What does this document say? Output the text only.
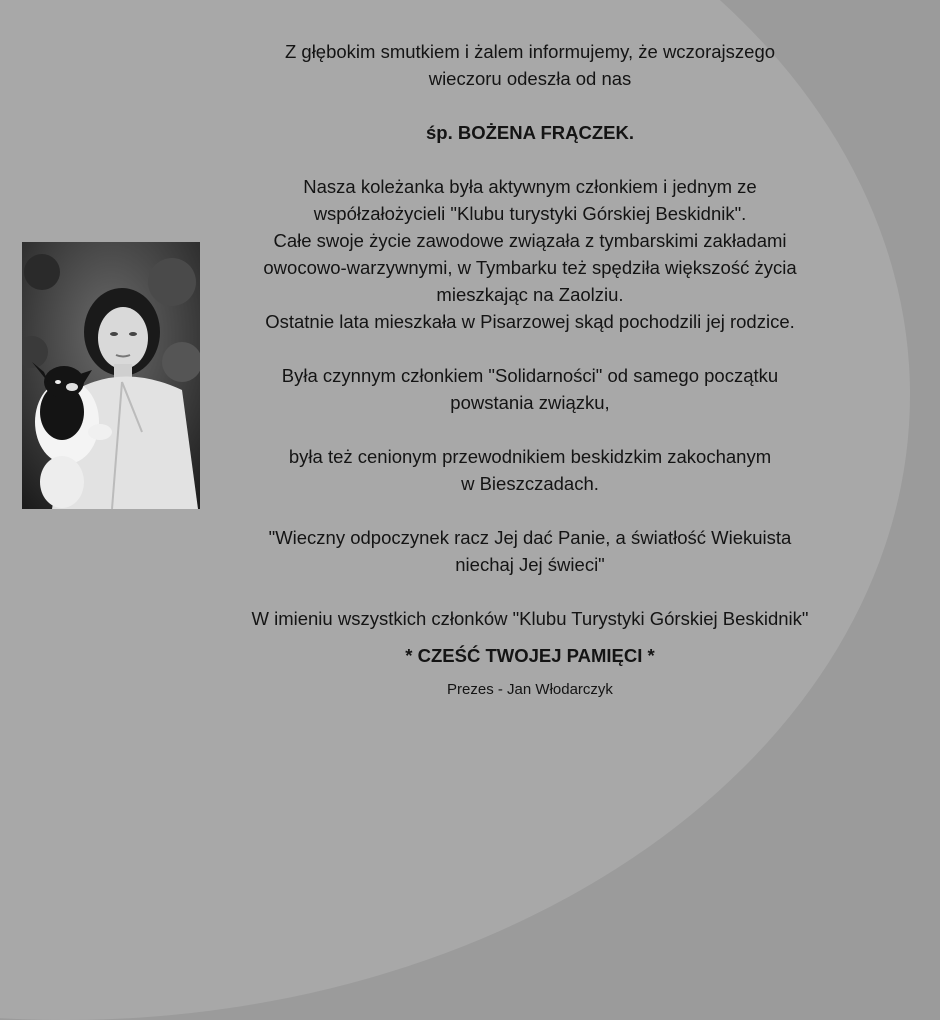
Z głębokim smutkiem i żalem informujemy, że wczorajszego
wieczoru odeszła od nas

śp. BOŻENA FRĄCZEK.

Nasza koleżanka była aktywnym członkiem i jednym ze
współzałożycieli "Klubu turystyki Górskiej Beskidnik".
Całe swoje życie zawodowe związała z tymbarskimi zakładami
owocowo-warzywnymi, w Tymbarku też spędziła większość życia
mieszkając na Zaolziu.
Ostatnie lata mieszkała w Pisarzowej skąd pochodzili jej rodzice.

Była czynnym członkiem "Solidarności" od samego początku
powstania związku,

była też cenionym przewodnikiem beskidzkim zakochanym
w Bieszczadach.

"Wieczny odpoczynek racz Jej dać Panie, a światłość Wiekuista
niechaj Jej świeci"

W imieniu wszystkich członków "Klubu Turystyki Górskiej Beskidnik"

* CZEŚĆ TWOJEJ PAMIĘCI *

Prezes - Jan Włodarczyk
